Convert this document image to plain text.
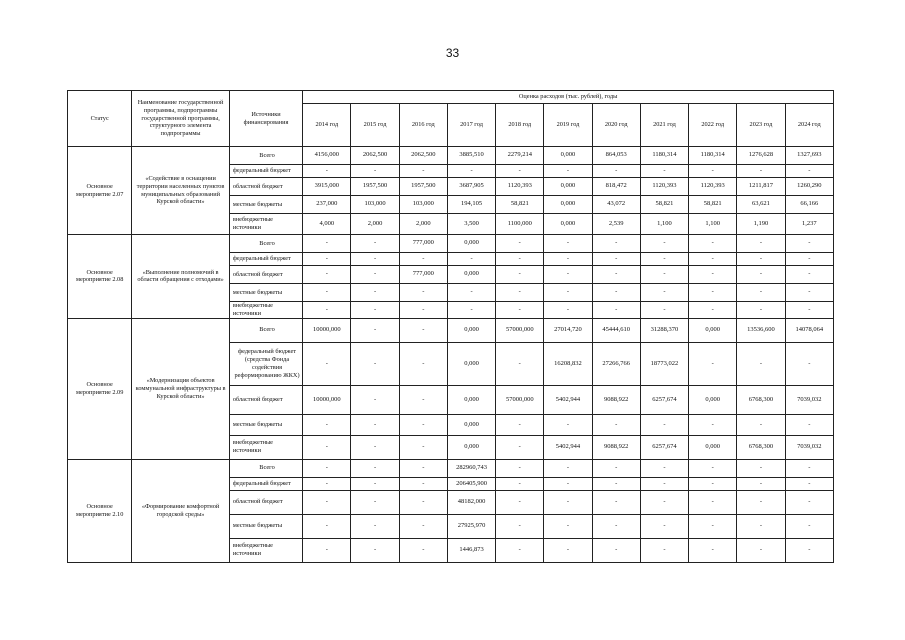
33
Статус	Наименование государственной программы, подпрограммы государственной программы, структурного элемента подпрограммы	Источники финансирования	Оценка расходов (тыс. рублей), годы										
			2014 год	2015 год	2016 год	2017 год	2018 год	2019 год	2020 год	2021 год	2022 год	2023 год	2024 год
Основное мероприятие 2.07	«Содействие в оснащении территории населенных пунктов муниципальных образований Курской области»	Всего	4156,000	2062,500	2062,500	3885,510	2279,214	0,000	864,053	1180,314	1180,314	1276,628	1327,693
		федеральный бюджет	-	-	-	-	-	-	-	-	-	-	-
		областной бюджет	3915,000	1957,500	1957,500	3687,905	1120,393	0,000	818,472	1120,393	1120,393	1211,817	1260,290
		местные бюджеты	237,000	103,000	103,000	194,105	58,821	0,000	43,072	58,821	58,821	63,621	66,166
		внебюджетные источники	4,000	2,000	2,000	3,500	1100,000	0,000	2,539	1,100	1,100	1,190	1,237
Основное мероприятие 2.08	«Выполнение полномочий в области обращения с отходами»	Всего	-	-	777,000	0,000	-	-	-	-	-	-	-
		федеральный бюджет	-	-	-	-	-	-	-	-	-	-	-
		областной бюджет	-	-	777,000	0,000	-	-	-	-	-	-	-
		местные бюджеты	-	-	-	-	-	-	-	-	-	-	-
		внебюджетные источники	-	-	-	-	-	-	-	-	-	-	-
Основное мероприятие 2.09	«Модернизация объектов коммунальной инфраструктуры в Курской области»	Всего	10000,000	-	-	0,000	57000,000	27014,720	45444,610	31288,370	0,000	13536,600	14078,064
		федеральный бюджет (средства Фонда содействия реформированию ЖКХ)	-	-	-	0,000	-	16208,832	27266,766	18773,022	-	-	-
		областной бюджет	10000,000	-	-	0,000	57000,000	5402,944	9088,922	6257,674	0,000	6768,300	7039,032
		местные бюджеты	-	-	-	0,000	-	-	-	-	-	-	-
		внебюджетные источники	-	-	-	0,000	-	5402,944	9088,922	6257,674	0,000	6768,300	7039,032
Основное мероприятие 2.10	«Формирование комфортной городской среды»	Всего	-	-	-	282960,743	-	-	-	-	-	-	-
		федеральный бюджет	-	-	-	206405,900	-	-	-	-	-	-	-
		областной бюджет	-	-	-	48182,000	-	-	-	-	-	-	-
		местные бюджеты	-	-	-	27925,970	-	-	-	-	-	-	-
		внебюджетные источники	-	-	-	1446,873	-	-	-	-	-	-	-
